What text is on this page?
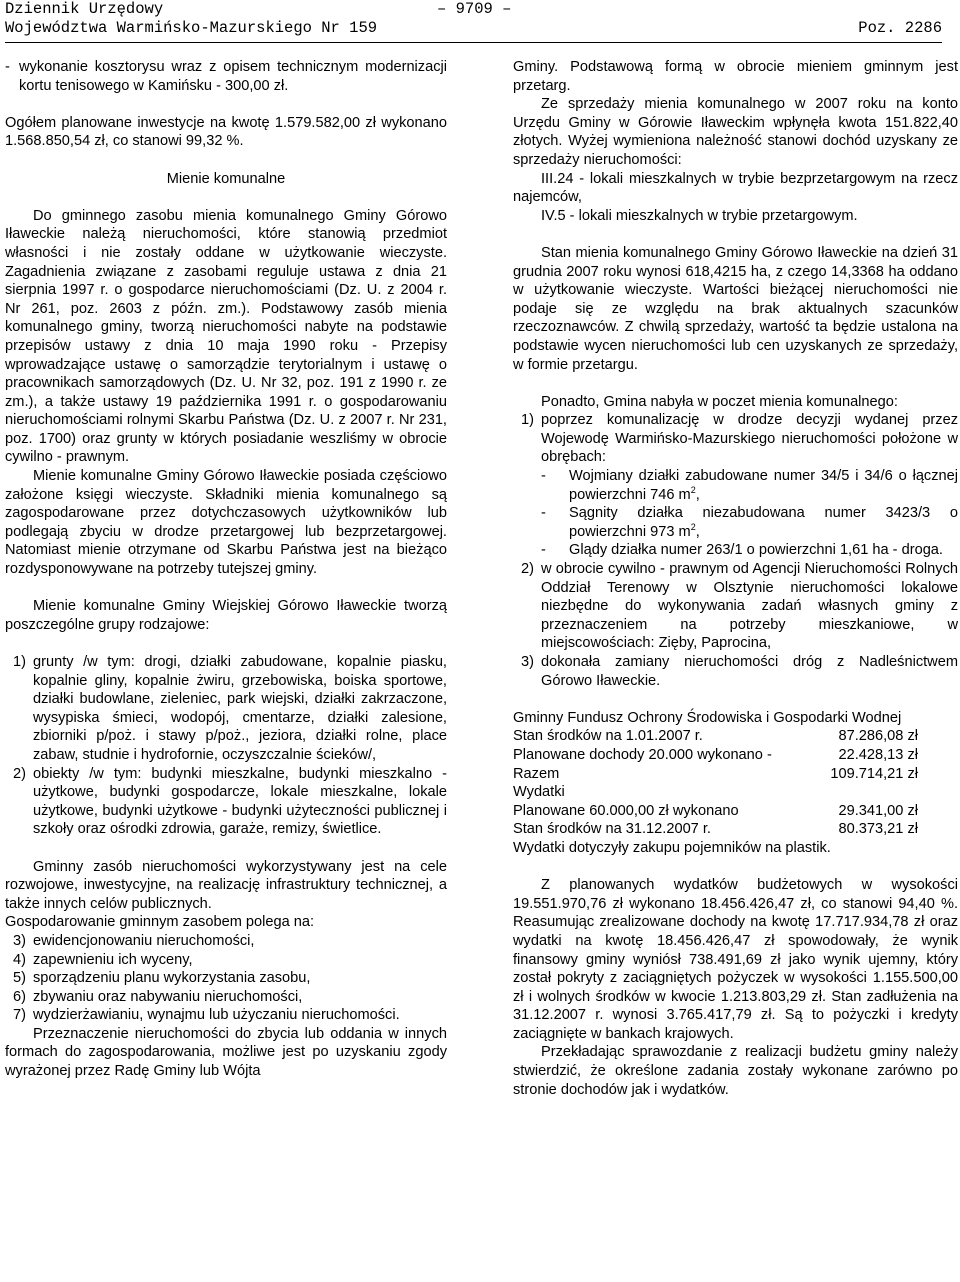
Dziennik Urzędowy
Województwa Warmińsko-Mazurskiego Nr 159
– 9709 –
Poz. 2286
- wykonanie kosztorysu wraz z opisem technicznym modernizacji kortu tenisowego w Kamińsku - 300,00 zł.

Ogółem planowane inwestycje na kwotę 1.579.582,00 zł wykonano 1.568.850,54 zł, co stanowi 99,32 %.

Mienie komunalne

Do gminnego zasobu mienia komunalnego Gminy Górowo Iławeckie należą nieruchomości, które stanowią przedmiot własności i nie zostały oddane w użytkowanie wieczyste. Zagadnienia związane z zasobami reguluje ustawa z dnia 21 sierpnia 1997 r. o gospodarce nieruchomościami (Dz. U. z 2004 r. Nr 261, poz. 2603 z późn. zm.). Podstawowy zasób mienia komunalnego gminy, tworzą nieruchomości nabyte na podstawie przepisów ustawy z dnia 10 maja 1990 roku - Przepisy wprowadzające ustawę o samorządzie terytorialnym i ustawę o pracownikach samorządowych (Dz. U. Nr 32, poz. 191 z 1990 r. ze zm.), a także ustawy 19 października 1991 r. o gospodarowaniu nieruchomościami rolnymi Skarbu Państwa (Dz. U. z 2007 r. Nr 231, poz. 1700) oraz grunty w których posiadanie weszliśmy w obrocie cywilno - prawnym.

Mienie komunalne Gminy Górowo Iławeckie posiada częściowo założone księgi wieczyste. Składniki mienia komunalnego są zagospodarowane przez dotychczasowych użytkowników lub podlegają zbyciu w drodze przetargowej lub bezprzetargowej. Natomiast mienie otrzymane od Skarbu Państwa jest na bieżąco rozdysponowywane na potrzeby tutejszej gminy.

Mienie komunalne Gminy Wiejskiej Górowo Iławeckie tworzą poszczególne grupy rodzajowe:

1) grunty /w tym: drogi, działki zabudowane, kopalnie piasku, kopalnie gliny, kopalnie żwiru, grzebowiska, boiska sportowe, działki budowlane, zieleniec, park wiejski, działki zakrzaczone, wysypiska śmieci, wodopój, cmentarze, działki zalesione, zbiorniki p/poż. i stawy p/poż., jeziora, działki rolne, place zabaw, studnie i hydrofornie, oczyszczalnie ścieków/,
2) obiekty /w tym: budynki mieszkalne, budynki mieszkalno - użytkowe, budynki gospodarcze, lokale mieszkalne, lokale użytkowe, budynki użytkowe - budynki użyteczności publicznej i szkoły oraz ośrodki zdrowia, garaże, remizy, świetlice.

Gminny zasób nieruchomości wykorzystywany jest na cele rozwojowe, inwestycyjne, na realizację infrastruktury technicznej, a także innych celów publicznych.

Gospodarowanie gminnym zasobem polega na:

3) ewidencjonowaniu nieruchomości,
4) zapewnieniu ich wyceny,
5) sporządzeniu planu wykorzystania zasobu,
6) zbywaniu oraz nabywaniu nieruchomości,
7) wydzierżawianiu, wynajmu lub użyczaniu nieruchomości.

Przeznaczenie nieruchomości do zbycia lub oddania w innych formach do zagospodarowania, możliwe jest po uzyskaniu zgody wyrażonej przez Radę Gminy lub Wójta

Gminy. Podstawową formą w obrocie mieniem gminnym jest przetarg.

Ze sprzedaży mienia komunalnego w 2007 roku na konto Urzędu Gminy w Górowie Iławeckim wpłynęła kwota 151.822,40 złotych. Wyżej wymieniona należność stanowi dochód uzyskany ze sprzedaży nieruchomości:

III.24 - lokali mieszkalnych w trybie bezprzetargowym na rzecz najemców,

IV.5 - lokali mieszkalnych w trybie przetargowym.

Stan mienia komunalnego Gminy Górowo Iławeckie na dzień 31 grudnia 2007 roku wynosi 618,4215 ha, z czego 14,3368 ha oddano w użytkowanie wieczyste. Wartości bieżącej nieruchomości nie podaje się ze względu na brak aktualnych szacunków rzeczoznawców. Z chwilą sprzedaży, wartość ta będzie ustalona na podstawie wycen nieruchomości lub cen uzyskanych ze sprzedaży, w formie przetargu.

Ponadto, Gmina nabyła w poczet mienia komunalnego:

1) poprzez komunalizację w drodze decyzji wydanej przez Wojewodę Warmińsko-Mazurskiego nieruchomości położone w obrębach:
- Wojmiany działki zabudowane numer 34/5 i 34/6 o łącznej powierzchni 746 $m^2$,
- Sągnity działka niezabudowana numer 3423/3 o powierzchni 973 $m^2$,
- Glądy działka numer 263/1 o powierzchni 1,61 ha - droga.
2) w obrocie cywilno - prawnym od Agencji Nieruchomości Rolnych Oddział Terenowy w Olsztynie nieruchomości lokalowe niezbędne do wykonywania zadań własnych gminy z przeznaczeniem na potrzeby mieszkaniowe, w miejscowościach: Zięby, Paprocina,
3) dokonała zamiany nieruchomości dróg z Nadleśnictwem Górowo Iławeckie.

Gminny Fundusz Ochrony Środowiska i Gospodarki Wodnej

Stan środków na 1.01.2007 r.	87.286,08 zł
Planowane dochody 20.000 wykonano -	22.428,13 zł
Razem	109.714,21 zł

Wydatki

Planowane 60.000,00 zł wykonano	29.341,00 zł
Stan środków na 31.12.2007 r.	80.373,21 zł

Wydatki dotyczyły zakupu pojemników na plastik.

Z planowanych wydatków budżetowych w wysokości 19.551.970,76 zł wykonano 18.456.426,47 zł, co stanowi 94,40 %. Reasumując zrealizowane dochody na kwotę 17.717.934,78 zł oraz wydatki na kwotę 18.456.426,47 zł spowodowały, że wynik finansowy gminy wyniósł 738.491,69 zł jako wynik ujemny, który został pokryty z zaciągniętych pożyczek w wysokości 1.155.500,00 zł i wolnych środków w kwocie 1.213.803,29 zł. Stan zadłużenia na 31.12.2007 r. wynosi 3.765.417,79 zł. Są to pożyczki i kredyty zaciągnięte w bankach krajowych.

Przekładając sprawozdanie z realizacji budżetu gminy należy stwierdzić, że określone zadania zostały wykonane zarówno po stronie dochodów jak i wydatków.
